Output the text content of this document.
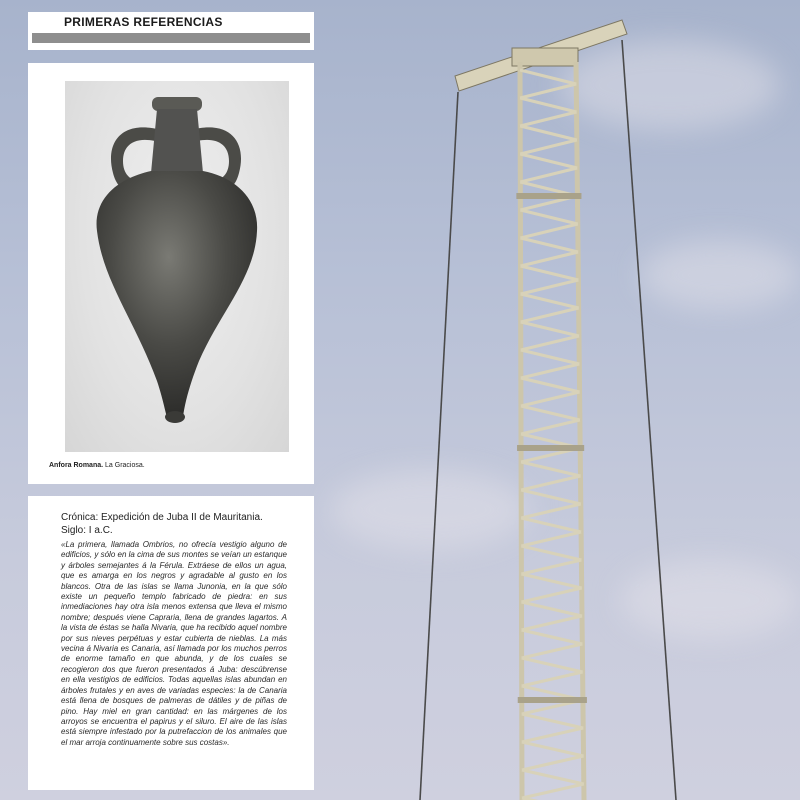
PRIMERAS REFERENCIAS
Anfora Romana. La Graciosa.
Crónica: Expedición de Juba II de Mauritania.
Siglo: I a.C.

«La primera, llamada Ombrios, no ofrecía vestigio alguno de edificios, y sólo en la cima de sus montes se veían un estanque y árboles semejantes á la Férula. Extráese de ellos un agua, que es amarga en los negros y agradable al gusto en los blancos. Otra de las islas se llama Junonia, en la que sólo existe un pequeño templo fabricado de piedra: en sus inmediaciones hay otra isla menos extensa que lleva el mismo nombre; después viene Capraria, llena de grandes lagartos. A la vista de éstas se halla Nivaria, que ha recibido aquel nombre por sus nieves perpétuas y estar cubierta de nieblas. La más vecina á Nivaria es Canaria, así llamada por los muchos perros de enorme tamaño en que abunda, y de los cuales se recogieron dos que fueron presentados á Juba: descúbrense en ella vestigios de edificios. Todas aquellas islas abundan en árboles frutales y en aves de variadas especies: la de Canaria está llena de bosques de palmeras de dátiles y de piñas de pino. Hay miel en gran cantidad: en las márgenes de los arroyos se encuentra el papirus y el siluro. El aire de las islas está siempre infestado por la putrefaccion de los animales que el mar arroja continuamente sobre sus costas».
